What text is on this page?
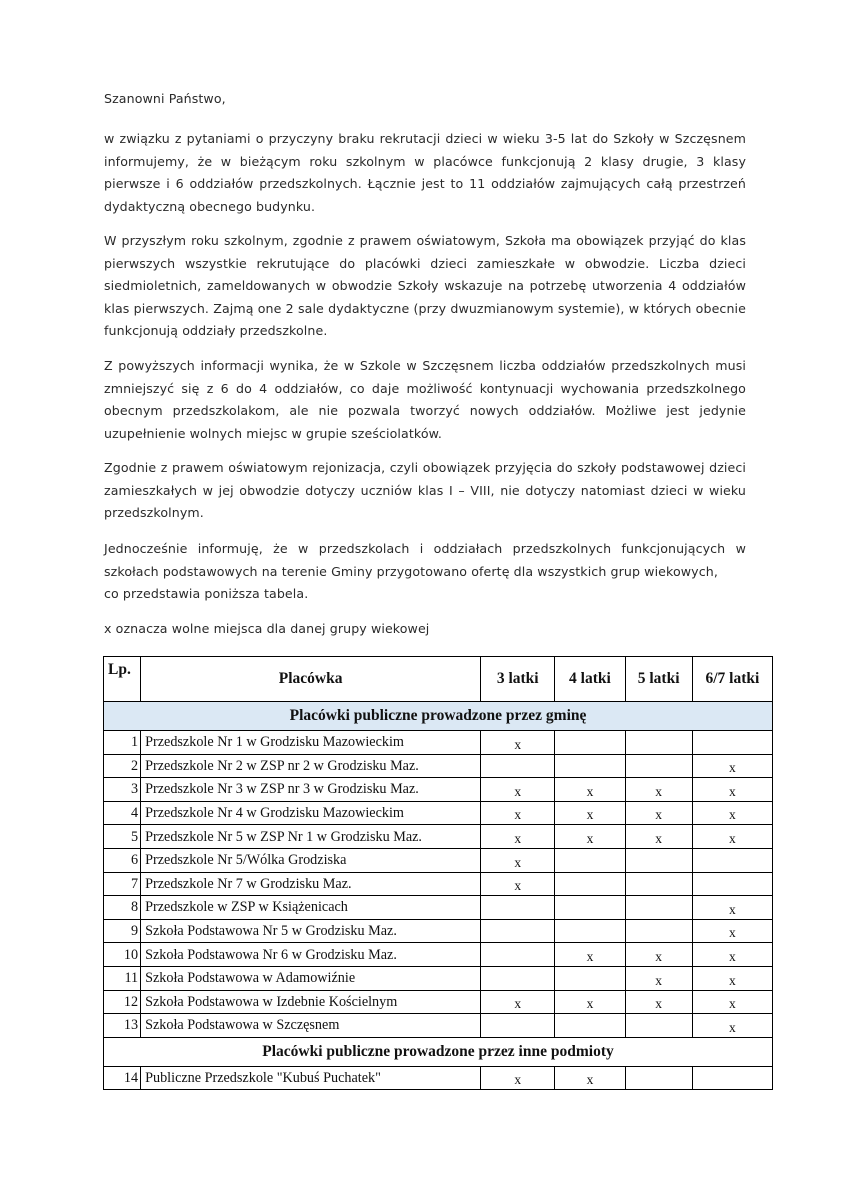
Szanowni Państwo,
w związku z pytaniami o przyczyny braku rekrutacji dzieci w wieku 3-5 lat do Szkoły w Szczęsnem informujemy, że w bieżącym roku szkolnym w placówce funkcjonują 2 klasy drugie, 3 klasy pierwsze i 6 oddziałów przedszkolnych. Łącznie jest to 11 oddziałów zajmujących całą przestrzeń dydaktyczną obecnego budynku.
W przyszłym roku szkolnym, zgodnie z prawem oświatowym, Szkoła ma obowiązek przyjąć do klas pierwszych wszystkie rekrutujące do placówki dzieci zamieszkałe w obwodzie. Liczba dzieci siedmioletnich, zameldowanych w obwodzie Szkoły wskazuje na potrzebę utworzenia 4 oddziałów klas pierwszych. Zajmą one 2 sale dydaktyczne (przy dwuzmianowym systemie), w których obecnie funkcjonują oddziały przedszkolne.
Z powyższych informacji wynika, że w Szkole w Szczęsnem liczba oddziałów przedszkolnych musi zmniejszyć się z 6 do 4 oddziałów, co daje możliwość kontynuacji wychowania przedszkolnego obecnym przedszkolakom, ale nie pozwala tworzyć nowych oddziałów. Możliwe jest jedynie uzupełnienie wolnych miejsc w grupie sześciolatków.
Zgodnie z prawem oświatowym rejonizacja, czyli obowiązek przyjęcia do szkoły podstawowej dzieci zamieszkałych w jej obwodzie dotyczy uczniów klas I – VIII, nie dotyczy natomiast dzieci w wieku przedszkolnym.
Jednocześnie informuję, że w przedszkolach i oddziałach przedszkolnych funkcjonujących w szkołach podstawowych na terenie Gminy przygotowano ofertę dla wszystkich grup wiekowych,
co przedstawia poniższa tabela.
x oznacza wolne miejsca dla danej grupy wiekowej
Lp.	Placówka	3 latki	4 latki	5 latki	6/7 latki
Placówki publiczne prowadzone przez gminę					
1	Przedszkole Nr 1 w Grodzisku Mazowieckim	x			
2	Przedszkole Nr 2 w ZSP nr 2 w Grodzisku Maz.				x
3	Przedszkole Nr 3 w ZSP nr 3 w Grodzisku Maz.	x	x	x	x
4	Przedszkole Nr 4 w Grodzisku Mazowieckim	x	x	x	x
5	Przedszkole Nr 5 w ZSP Nr 1 w Grodzisku Maz.	x	x	x	x
6	Przedszkole Nr 5/Wólka Grodziska	x			
7	Przedszkole Nr 7 w Grodzisku Maz.	x			
8	Przedszkole w ZSP w Książenicach				x
9	Szkoła Podstawowa Nr 5 w Grodzisku Maz.				x
10	Szkoła Podstawowa Nr 6 w Grodzisku Maz.		x	x	x
11	Szkoła Podstawowa w Adamowiźnie			x	x
12	Szkoła Podstawowa w Izdebnie Kościelnym	x	x	x	x
13	Szkoła Podstawowa w Szczęsnem				x
Placówki publiczne prowadzone przez inne podmioty					
14	Publiczne Przedszkole "Kubuś Puchatek"	x	x		
